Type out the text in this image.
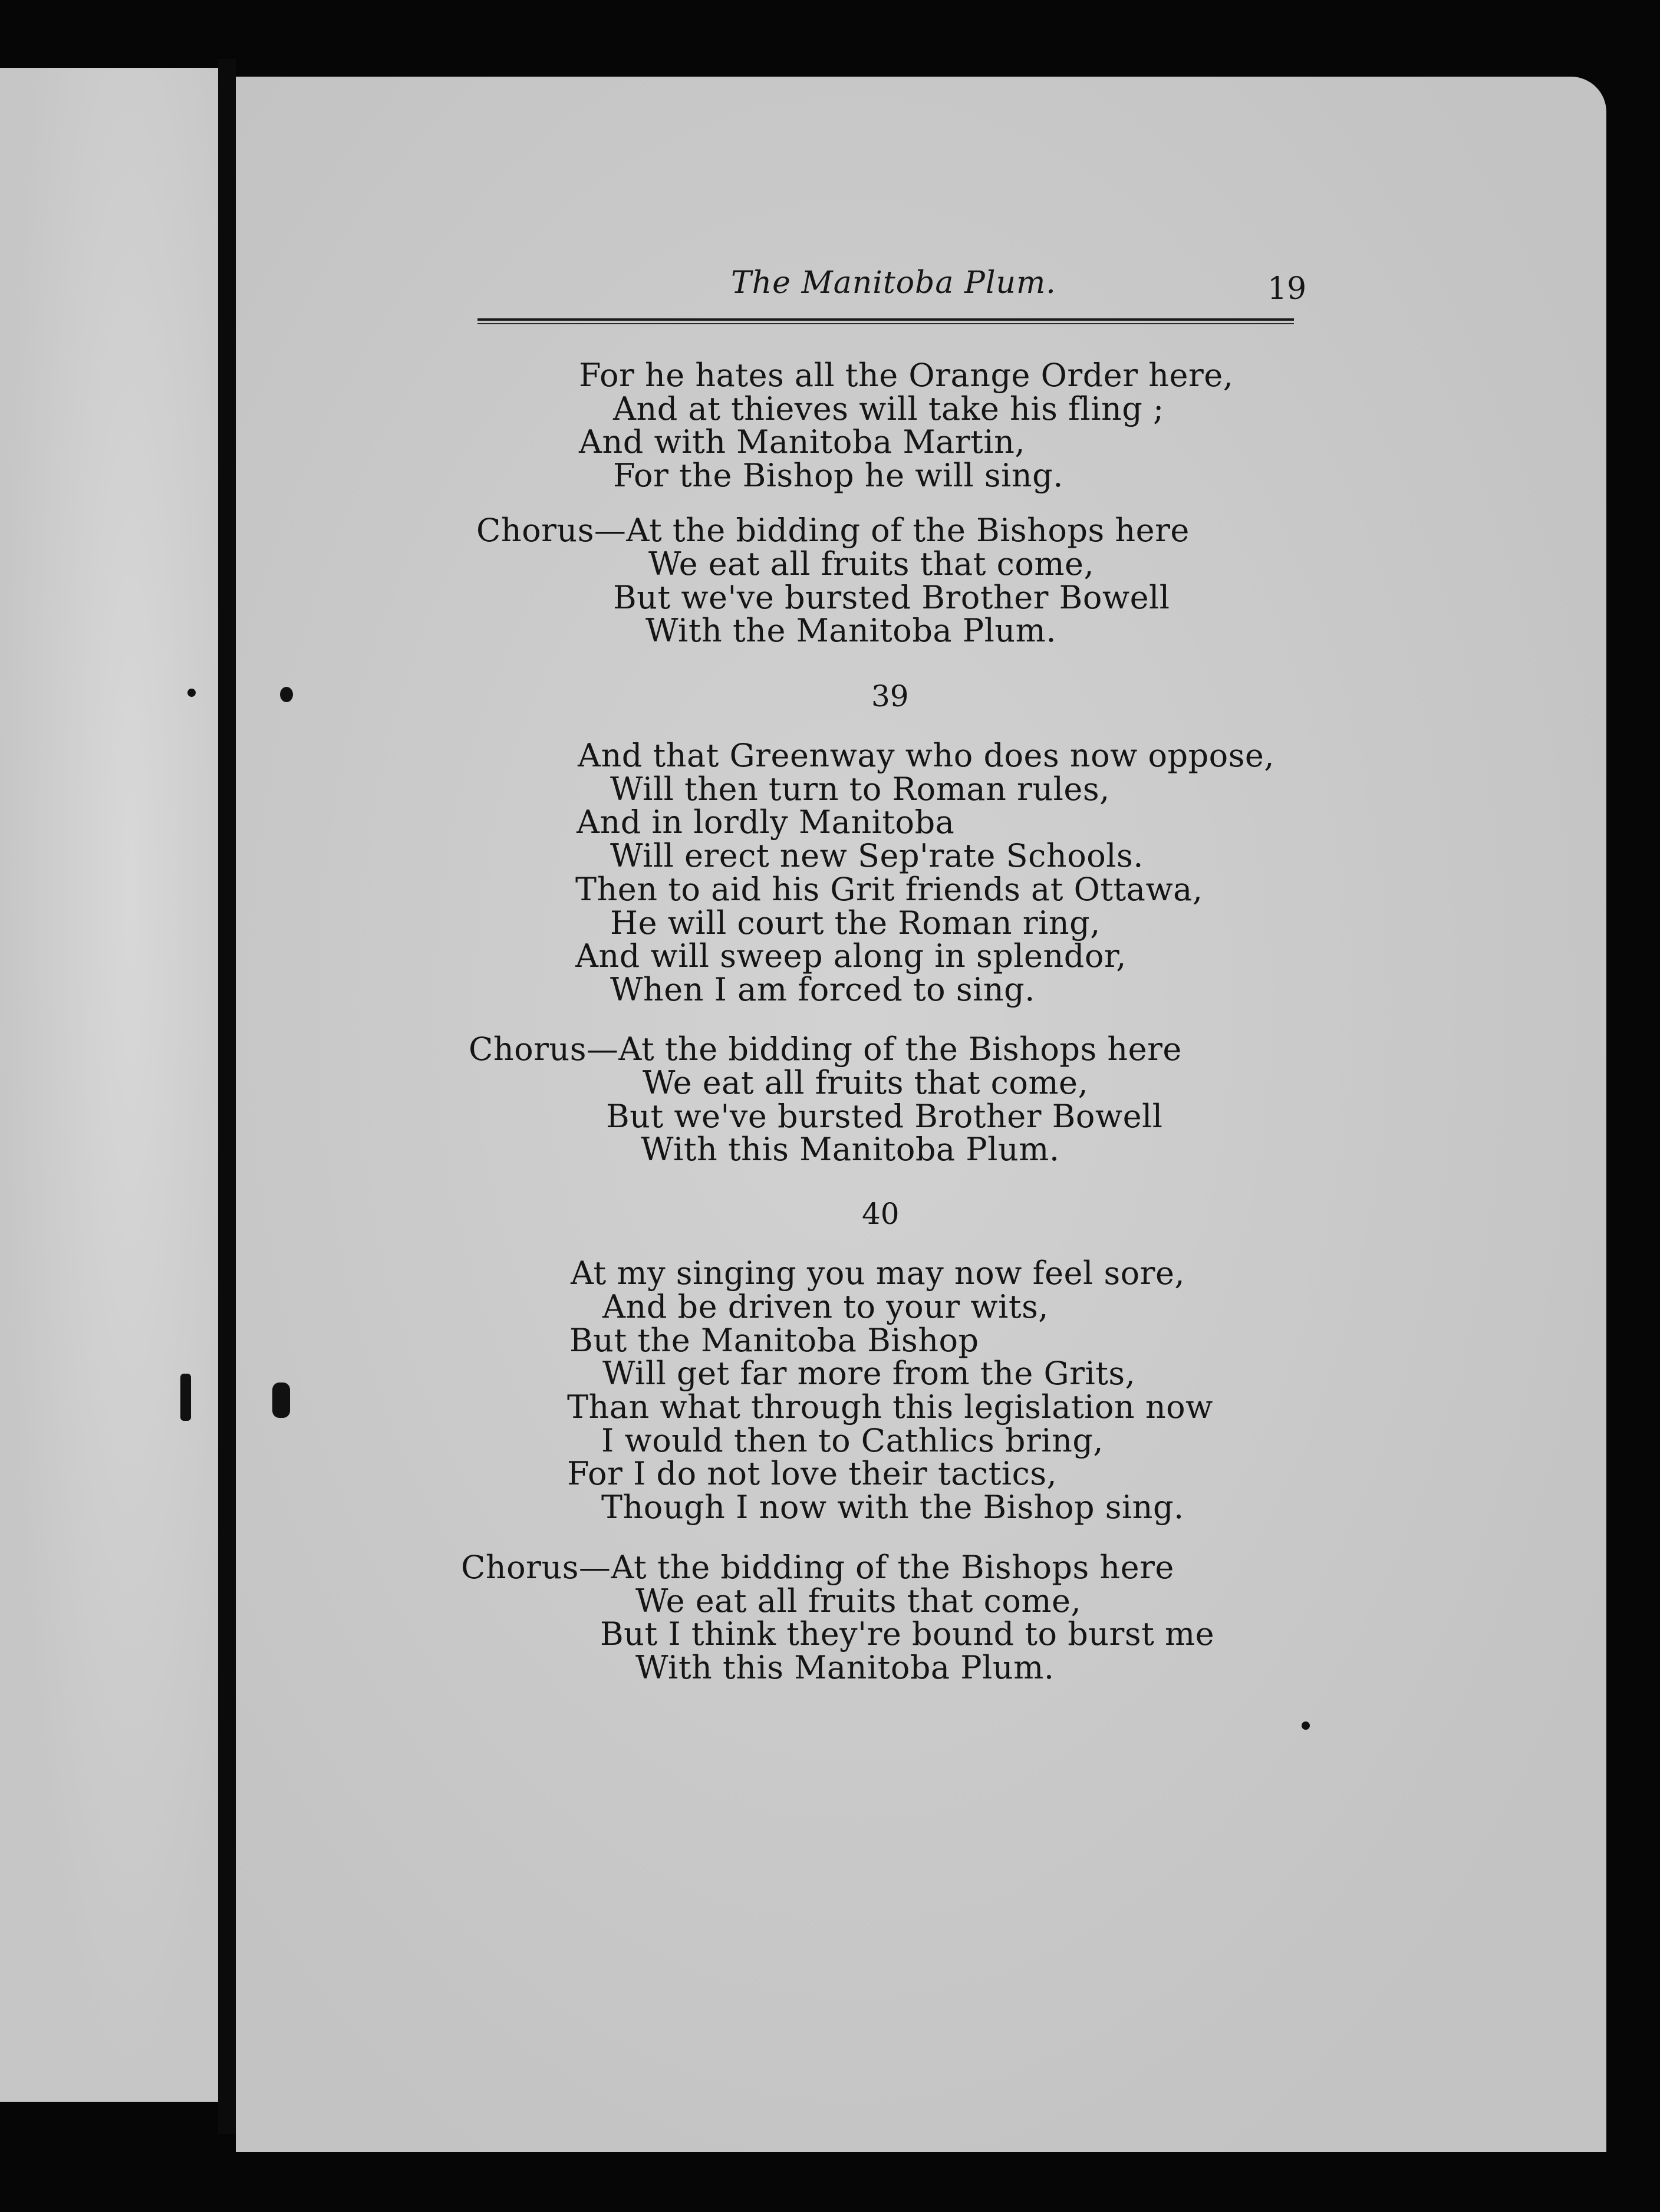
The Manitoba Plum.	19
For he hates all the Orange Order here,
And at thieves will take his fling ;
And with Manitoba Martin,
For the Bishop he will sing.
Chorus—At the bidding of the Bishops here
We eat all fruits that come,
But we've bursted Brother Bowell
With the Manitoba Plum.
39
And that Greenway who does now oppose,
Will then turn to Roman rules,
And in lordly Manitoba
Will erect new Sep'rate Schools.
Then to aid his Grit friends at Ottawa,
He will court the Roman ring,
And will sweep along in splendor,
When I am forced to sing.
Chorus—At the bidding of the Bishops here
We eat all fruits that come,
But we've bursted Brother Bowell
With this Manitoba Plum.
40
At my singing you may now feel sore,
And be driven to your wits,
But the Manitoba Bishop
Will get far more from the Grits,
Than what through this legislation now
I would then to Cathlics bring,
For I do not love their tactics,
Though I now with the Bishop sing.
Chorus—At the bidding of the Bishops here
We eat all fruits that come,
But I think they're bound to burst me
With this Manitoba Plum.
